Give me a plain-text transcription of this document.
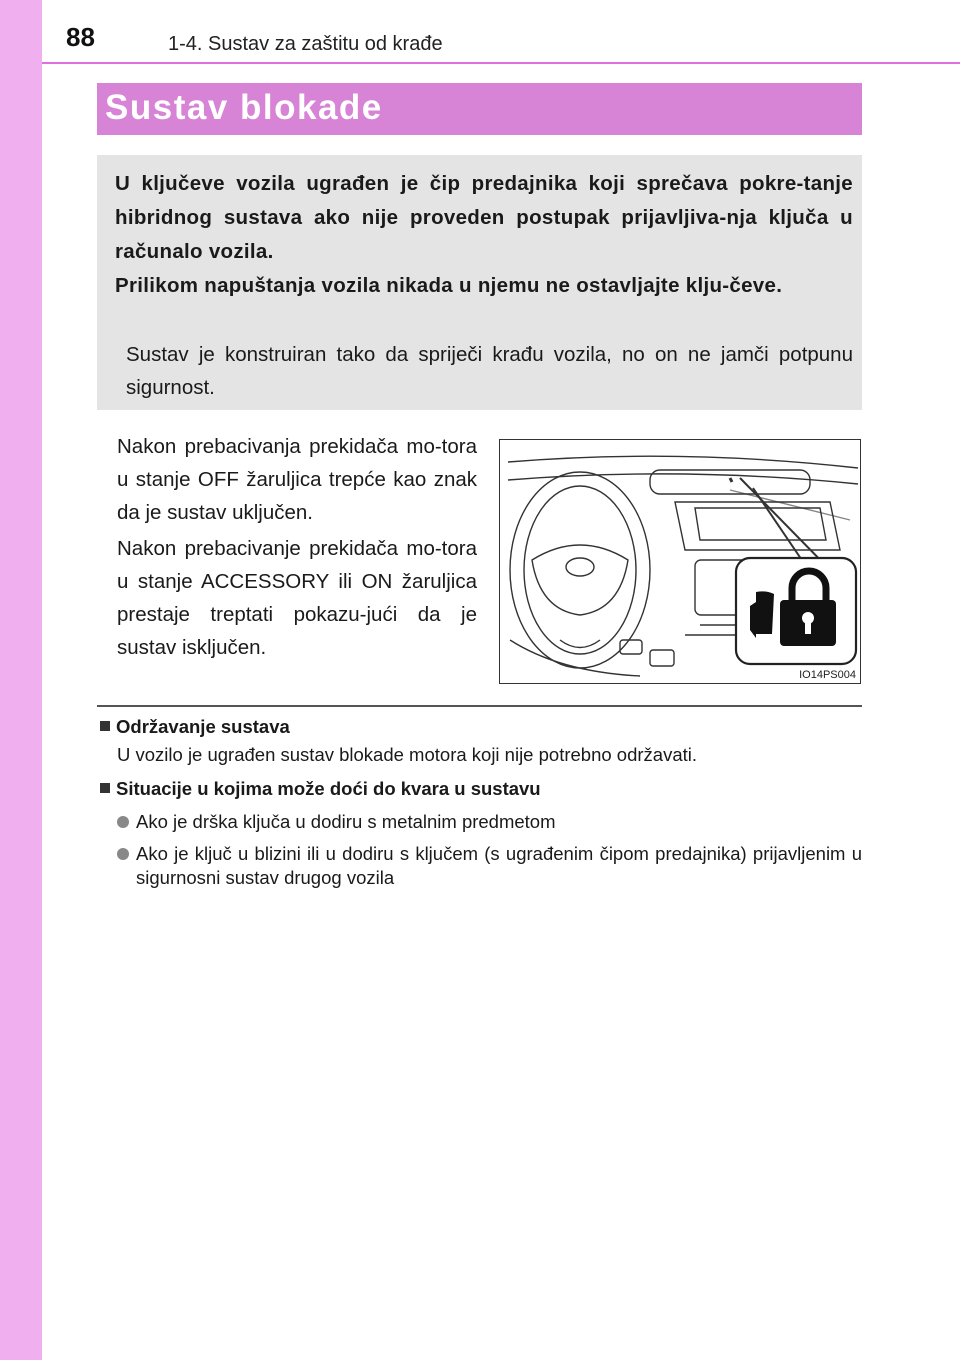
88	1-4. Sustav za zaštitu od krađe
Sustav blokade
U ključeve vozila ugrađen je čip predajnika koji sprečava pokre-tanje hibridnog sustava ako nije proveden postupak prijavljiva-nja ključa u računalo vozila.
Prilikom napuštanja vozila nikada u njemu ne ostavljajte klju-čeve.
Sustav je konstruiran tako da spriječi krađu vozila, no on ne jamči potpunu sigurnost.
Nakon prebacivanja prekidača mo-tora u stanje OFF žaruljica trepće kao znak da je sustav uključen.
Nakon prebacivanje prekidača mo-tora u stanje ACCESSORY ili ON žaruljica prestaje treptati pokazu-jući da je sustav isključen.
IO14PS004
Održavanje sustava
U vozilo je ugrađen sustav blokade motora koji nije potrebno održavati.
Situacije u kojima može doći do kvara u sustavu
Ako je drška ključa u dodiru s metalnim predmetom
Ako je ključ u blizini ili u dodiru s ključem (s ugrađenim čipom predajnika) prijavljenim u sigurnosni sustav drugog vozila
